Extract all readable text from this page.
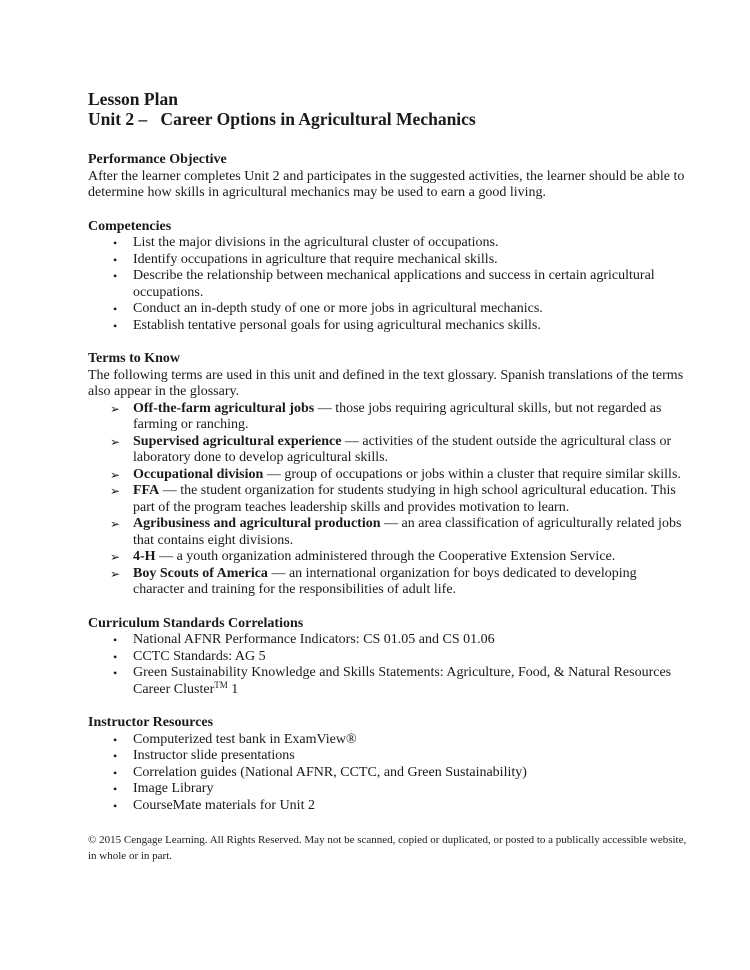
Lesson Plan
Unit 2 –   Career Options in Agricultural Mechanics
Performance Objective

After the learner completes Unit 2 and participates in the suggested activities, the learner should be able to determine how skills in agricultural mechanics may be used to earn a good living.

Competencies
•	List the major divisions in the agricultural cluster of occupations.
•	Identify occupations in agriculture that require mechanical skills.
•	Describe the relationship between mechanical applications and success in certain agricultural occupations.
•	Conduct an in-depth study of one or more jobs in agricultural mechanics.
•	Establish tentative personal goals for using agricultural mechanics skills.
Terms to Know

The following terms are used in this unit and defined in the text glossary. Spanish translations of the terms also appear in the glossary.

➢ Off-the-farm agricultural jobs — those jobs requiring agricultural skills, but not regarded as farming or ranching.
➢ Supervised agricultural experience — activities of the student outside the agricultural class or laboratory done to develop agricultural skills.
➢ Occupational division — group of occupations or jobs within a cluster that require similar skills.
➢ FFA — the student organization for students studying in high school agricultural education. This part of the program teaches leadership skills and provides motivation to learn.
➢ Agribusiness and agricultural production — an area classification of agriculturally related jobs that contains eight divisions.
➢ 4-H — a youth organization administered through the Cooperative Extension Service.
➢ Boy Scouts of America — an international organization for boys dedicated to developing character and training for the responsibilities of adult life.
Curriculum Standards Correlations
•	National AFNR Performance Indicators: CS 01.05 and CS 01.06
•	CCTC Standards: AG 5
•	Green Sustainability Knowledge and Skills Statements: Agriculture, Food, & Natural Resources Career Cluster™ 1
Instructor Resources
•	Computerized test bank in ExamView®
•	Instructor slide presentations
•	Correlation guides (National AFNR, CCTC, and Green Sustainability)
•	Image Library
•	CourseMate materials for Unit 2

© 2015 Cengage Learning. All Rights Reserved. May not be scanned, copied or duplicated, or posted to a publically accessible website, in whole or in part.
